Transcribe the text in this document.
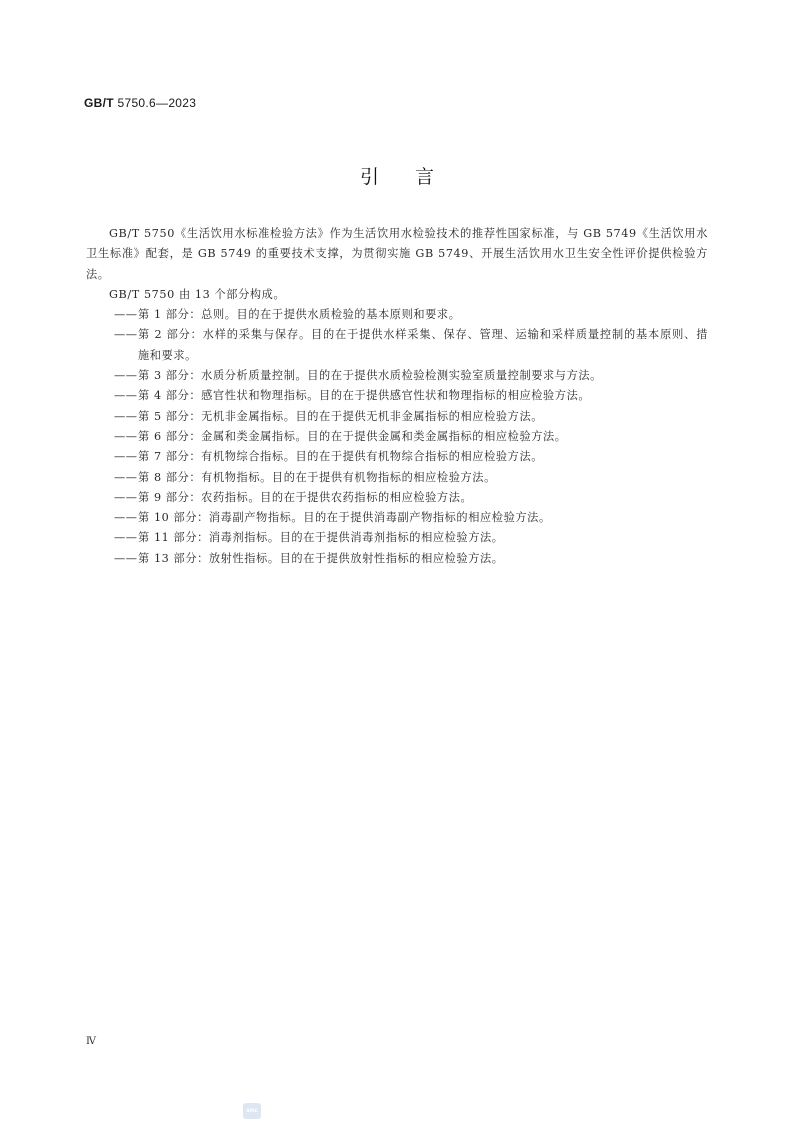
GB/T 5750.6—2023
引言

GB/T 5750《生活饮用水标准检验方法》作为生活饮用水检验技术的推荐性国家标准，与 GB 5749《生活饮用水卫生标准》配套，是 GB 5749 的重要技术支撑，为贯彻实施 GB 5749、开展生活饮用水卫生安全性评价提供检验方法。

GB/T 5750 由 13 个部分构成。

—— 第 1 部分：总则。目的在于提供水质检验的基本原则和要求。

—— 第 2 部分：水样的采集与保存。目的在于提供水样采集、保存、管理、运输和采样质量控制的基本原则、措施和要求。

—— 第 3 部分：水质分析质量控制。目的在于提供水质检验检测实验室质量控制要求与方法。

—— 第 4 部分：感官性状和物理指标。目的在于提供感官性状和物理指标的相应检验方法。

—— 第 5 部分：无机非金属指标。目的在于提供无机非金属指标的相应检验方法。

—— 第 6 部分：金属和类金属指标。目的在于提供金属和类金属指标的相应检验方法。

—— 第 7 部分：有机物综合指标。目的在于提供有机物综合指标的相应检验方法。

—— 第 8 部分：有机物指标。目的在于提供有机物指标的相应检验方法。

—— 第 9 部分：农药指标。目的在于提供农药指标的相应检验方法。

—— 第 10 部分：消毒副产物指标。目的在于提供消毒副产物指标的相应检验方法。

—— 第 11 部分：消毒剂指标。目的在于提供消毒剂指标的相应检验方法。

—— 第 13 部分：放射性指标。目的在于提供放射性指标的相应检验方法。

Ⅳ
snc
